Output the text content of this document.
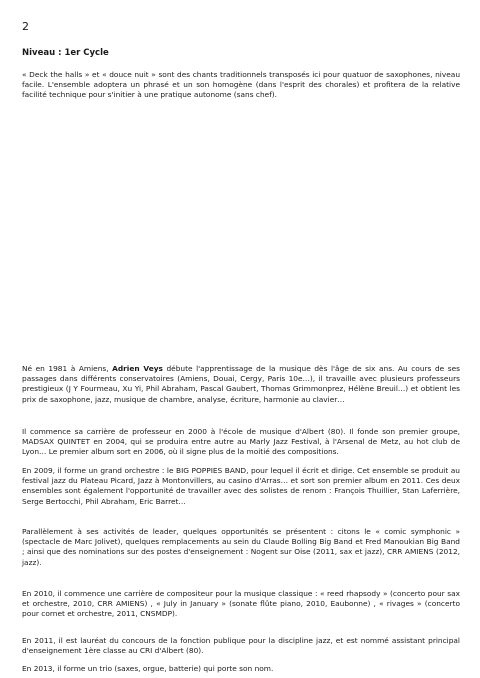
2
Niveau : 1er Cycle

« Deck the halls » et « douce nuit » sont des chants traditionnels transposés ici pour quatuor de saxophones, niveau facile. L'ensemble adoptera un phrasé et un son homogène (dans l'esprit des chorales) et profitera de la relative facilité technique pour s'initier à une pratique autonome (sans chef).

Né en 1981 à Amiens, Adrien Veys débute l'apprentissage de la musique dès l'âge de six ans. Au cours de ses passages dans différents conservatoires (Amiens, Douai, Cergy, Paris 10e…), il travaille avec plusieurs professeurs prestigieux (J Y Fourmeau, Xu Yi, Phil Abraham, Pascal Gaubert, Thomas Grimmonprez, Hélène Breuil…) et obtient les prix de saxophone, jazz, musique de chambre, analyse, écriture, harmonie au clavier…

Il commence sa carrière de professeur en 2000 à l'école de musique d'Albert (80). Il fonde son premier groupe, MADSAX QUINTET en 2004, qui se produira entre autre au Marly Jazz Festival, à l'Arsenal de Metz, au hot club de Lyon… Le premier album sort en 2006, où il signe plus de la moitié des compositions.

En 2009, il forme un grand orchestre : le BIG POPPIES BAND, pour lequel il écrit et dirige. Cet ensemble se produit au festival jazz du Plateau Picard, Jazz à Montonvillers, au casino d'Arras… et sort son premier album en 2011. Ces deux ensembles sont également l'opportunité de travailler avec des solistes de renom : François Thuillier, Stan Laferrière, Serge Bertocchi, Phil Abraham, Eric Barret…

Parallèlement à ses activités de leader, quelques opportunités se présentent : citons le « comic symphonic » (spectacle de Marc Jolivet), quelques remplacements au sein du Claude Bolling Big Band et Fred Manoukian Big Band ; ainsi que des nominations sur des postes d'enseignement : Nogent sur Oise (2011, sax et jazz), CRR AMIENS (2012, jazz).

En 2010, il commence une carrière de compositeur pour la musique classique : « reed rhapsody » (concerto pour sax et orchestre, 2010, CRR AMIENS) , « July in January » (sonate flûte piano, 2010, Eaubonne) , « rivages » (concerto pour cornet et orchestre, 2011, CNSMDP).

En 2011, il est lauréat du concours de la fonction publique pour la discipline jazz, et est nommé assistant principal d'enseignement 1ère classe au CRI d'Albert (80).

En 2013, il forme un trio (saxes, orgue, batterie) qui porte son nom.
